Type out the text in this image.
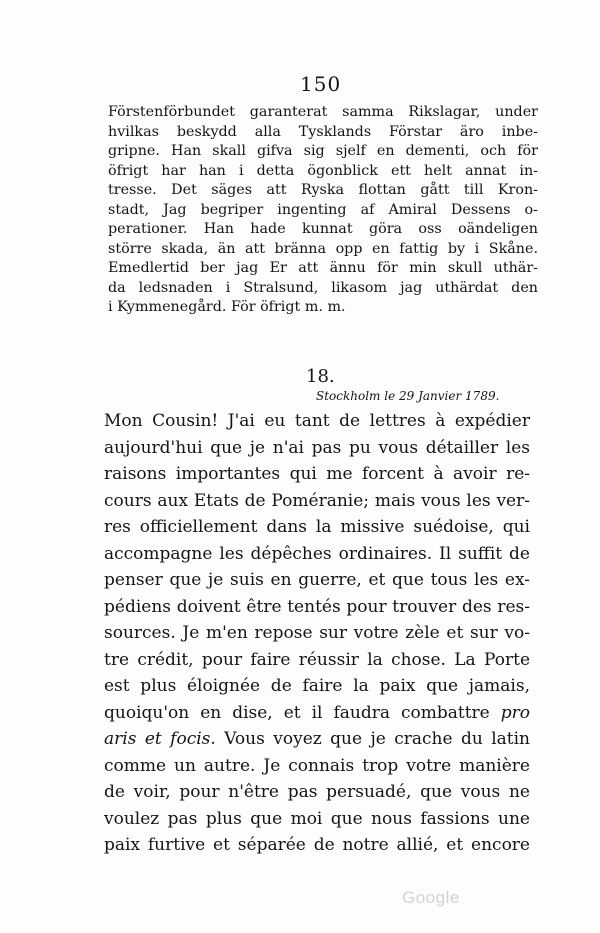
150
Förstenförbundet garanterat samma Rikslagar, under
hvilkas beskydd alla Tysklands Förstar äro inbe-
gripne. Han skall gifva sig sjelf en dementi, och för
öfrigt har han i detta ögonblick ett helt annat in-
tresse. Det säges att Ryska flottan gått till Kron-
stadt, Jag begriper ingenting af Amiral Dessens o-
perationer. Han hade kunnat göra oss oändeligen
större skada, än att bränna opp en fattig by i Skåne.
Emedlertid ber jag Er att ännu för min skull uthär-
da ledsnaden i Stralsund, likasom jag uthärdat den
i Kymmenegård. För öfrigt m. m.
18.
Stockholm le 29 Janvier 1789.
Mon Cousin! J'ai eu tant de lettres à expédier
aujourd'hui que je n'ai pas pu vous détailler les
raisons importantes qui me forcent à avoir re-
cours aux Etats de Poméranie; mais vous les ver-
res officiellement dans la missive suédoise, qui
accompagne les dépêches ordinaires. Il suffit de
penser que je suis en guerre, et que tous les ex-
pédiens doivent être tentés pour trouver des res-
sources. Je m'en repose sur votre zèle et sur vo-
tre crédit, pour faire réussir la chose. La Porte
est plus éloignée de faire la paix que jamais,
quoiqu'on en dise, et il faudra combattre pro
aris et focis. Vous voyez que je crache du latin
comme un autre. Je connais trop votre manière
de voir, pour n'être pas persuadé, que vous ne
voulez pas plus que moi que nous fassions une
paix furtive et séparée de notre allié, et encore
Google
